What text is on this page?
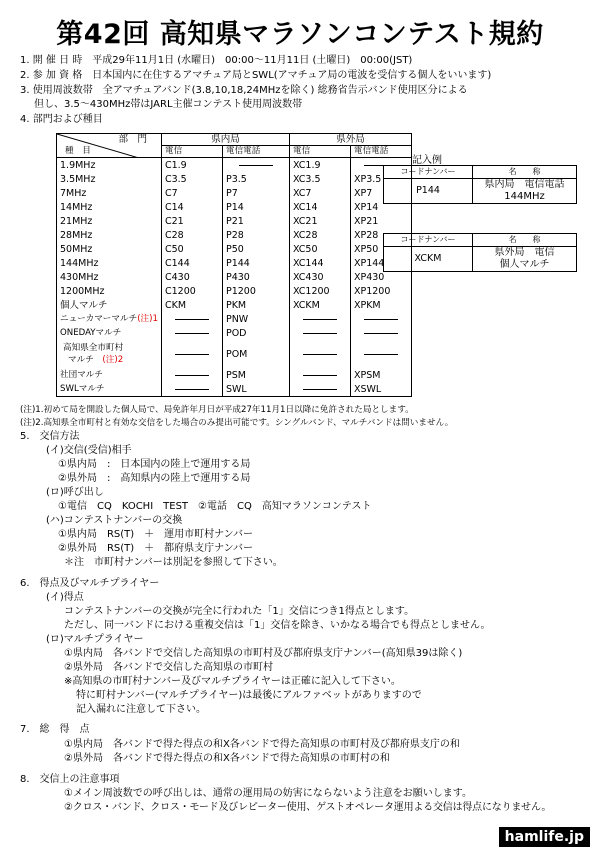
第42回 高知県マラソンコンテスト規約
1. 開 催 日 時　平成29年11月1日 (水曜日)　00:00～11月11日 (土曜日)　00:00(JST)
2. 参 加 資 格　日本国内に在住するアマチュア局とSWL(アマチュア局の電波を受信する個人をいいます)
3. 使用周波数帯　全アマチュアバンド(3.8,10,18,24MHzを除く) 総務省告示バンド使用区分による
但し、3.5～430MHz帯はJARL主催コンテスト使用周波数帯
4. 部門および種目
部　門	県内局		県外局	
種　目	電信	電信電話	電信	電信電話
1.9MHz	C1.9		XC1.9	
3.5MHz	C3.5	P3.5	XC3.5	XP3.5
7MHz	C7	P7	XC7	XP7
14MHz	C14	P14	XC14	XP14
21MHz	C21	P21	XC21	XP21
28MHz	C28	P28	XC28	XP28
50MHz	C50	P50	XC50	XP50
144MHz	C144	P144	XC144	XP144
430MHz	C430	P430	XC430	XP430
1200MHz	C1200	P1200	XC1200	XP1200
個人マルチ	CKM	PKM	XCKM	XPKM
ニューカマーマルチ(注)1		PNW		
ONEDAYマルチ		POD		

高知県全市町村
マルチ　 (注)2		POM		
社団マルチ		PSM		XPSM
SWLマルチ		SWL		XSWL
記入例
コードナンバー	名　　称
P144	県内局　電信電話
144MHz
コードナンバー	名　　称
XCKM	県外局　電信
個人マルチ
(注)1.初めて局を開設した個人局で、局免許年月日が平成27年11月1日以降に免許された局とします。
(注)2.高知県全市町村と有効な交信をした場合のみ提出可能です。シングルバンド、マルチバンドは問いません。
5.　交信方法
(イ)交信(受信)相手
①県内局　:　日本国内の陸上で運用する局
②県外局　:　高知県内の陸上で運用する局
(ロ)呼び出し
①電信　CQ　KOCHI　TEST　②電話　CQ　高知マラソンコンテスト
(ハ)コンテストナンバーの交換
①県内局　RS(T)　＋　運用市町村ナンバー
②県外局　RS(T)　＋　都府県支庁ナンバー
＊注　市町村ナンバーは別記を参照して下さい。
6.　得点及びマルチプライヤー
(イ)得点
コンテストナンバーの交換が完全に行われた「1」交信につき1得点とします。
ただし、同一バンドにおける重複交信は「1」交信を除き、いかなる場合でも得点としません。
(ロ)マルチプライヤー
①県内局　各バンドで交信した高知県の市町村及び都府県支庁ナンバー(高知県39は除く)
②県外局　各バンドで交信した高知県の市町村
※高知県の市町村ナンバー及びマルチプライヤーは正確に記入して下さい。
特に町村ナンバー(マルチプライヤー)は最後にアルファベットがありますので
記入漏れに注意して下さい。
7.　総　得　点
①県内局　各バンドで得た得点の和X各バンドで得た高知県の市町村及び都府県支庁の和
②県外局　各バンドで得た得点の和X各バンドで得た高知県の市町村の和
8.　交信上の注意事項
①メイン周波数での呼び出しは、通常の運用局の妨害にならないよう注意をお願いします。
②クロス・バンド、クロス・モード及びレピーター使用、ゲストオペレータ運用よる交信は得点になりません。
hamlife.jp
